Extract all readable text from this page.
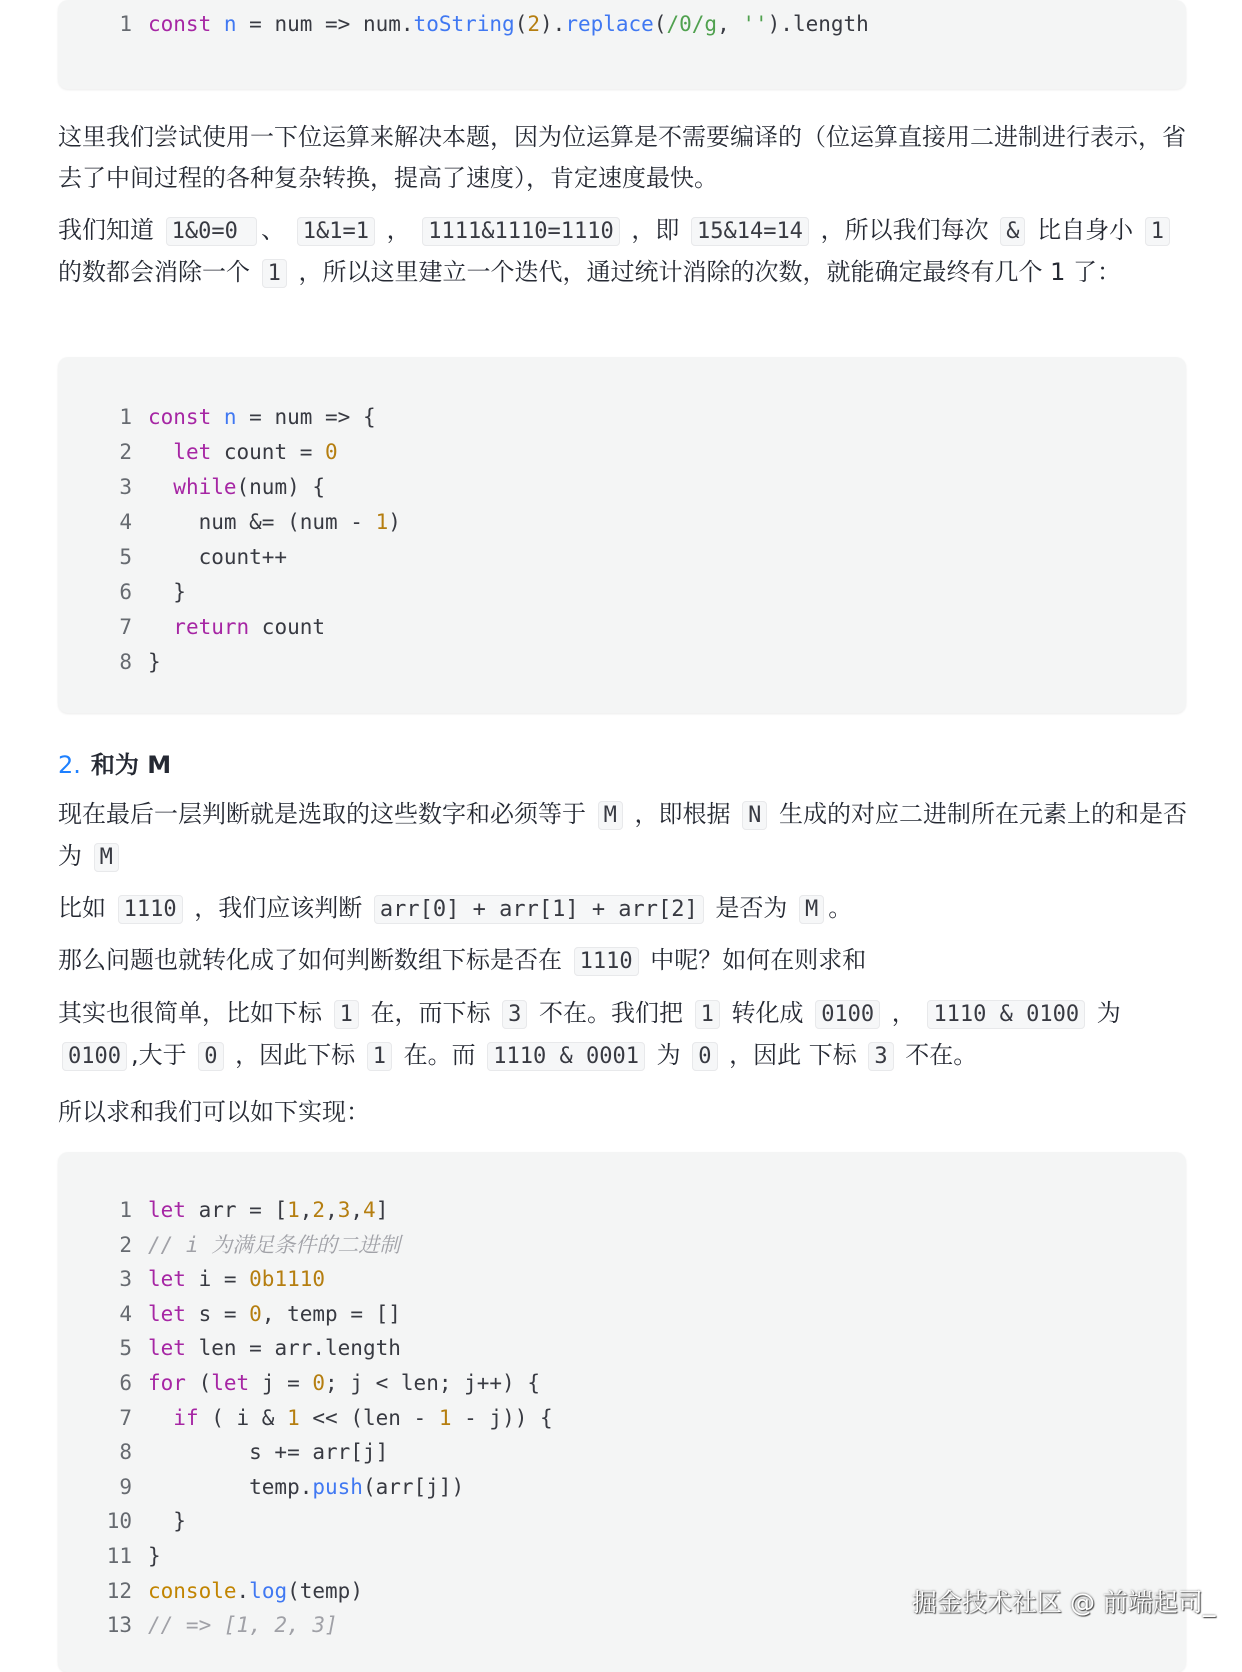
1 const n = num => num.toString(2).replace(/0/g, '').length

这里我们尝试使用一下位运算来解决本题，因为位运算是不需要编译的（位运算直接用二进制进行表示，省去了中间过程的各种复杂转换，提高了速度），肯定速度最快。

我们知道 1&0=0 、 1&1=1 ， 1111&1110=1110 ，即 15&14=14 ，所以我们每次 & 比自身小 1 的数都会消除一个 1 ，所以这里建立一个迭代，通过统计消除的次数，就能确定最终有几个 1 了：

1 const n = num => {
2 let count = 0
3 while(num) {
4    num &= (num - 1)
5    count++
6  }
7 return count
8 }
2. 和为 M

现在最后一层判断就是选取的这些数字和必须等于 M ，即根据 N 生成的对应二进制所在元素上的和是否为 M

比如 1110 ，我们应该判断 arr[0] + arr[1] + arr[2] 是否为 M 。

那么问题也就转化成了如何判断数组下标是否在 1110 中呢？如何在则求和

其实也很简单，比如下标 1 在，而下标 3 不在。我们把 1 转化成 0100 ， 1110 & 0100 为 0100 ,大于 0 ，因此下标 1 在。而 1110 & 0001 为 0 ，因此 下标 3 不在。

所以求和我们可以如下实现：

1 let arr = [1,2,3,4]
2 // i 为满足条件的二进制
3 let i = 0b1110
4 let s = 0, temp = []
5 let len = arr.length
6 for (let j = 0; j < len; j++) {
7 if ( i & 1 << (len - 1 - j)) {
8        s += arr[j]
9        temp.push(arr[j])
10  }
11 }
12 console.log(temp)
13 // => [1, 2, 3]
掘金技术社区 @ 前端起司_
